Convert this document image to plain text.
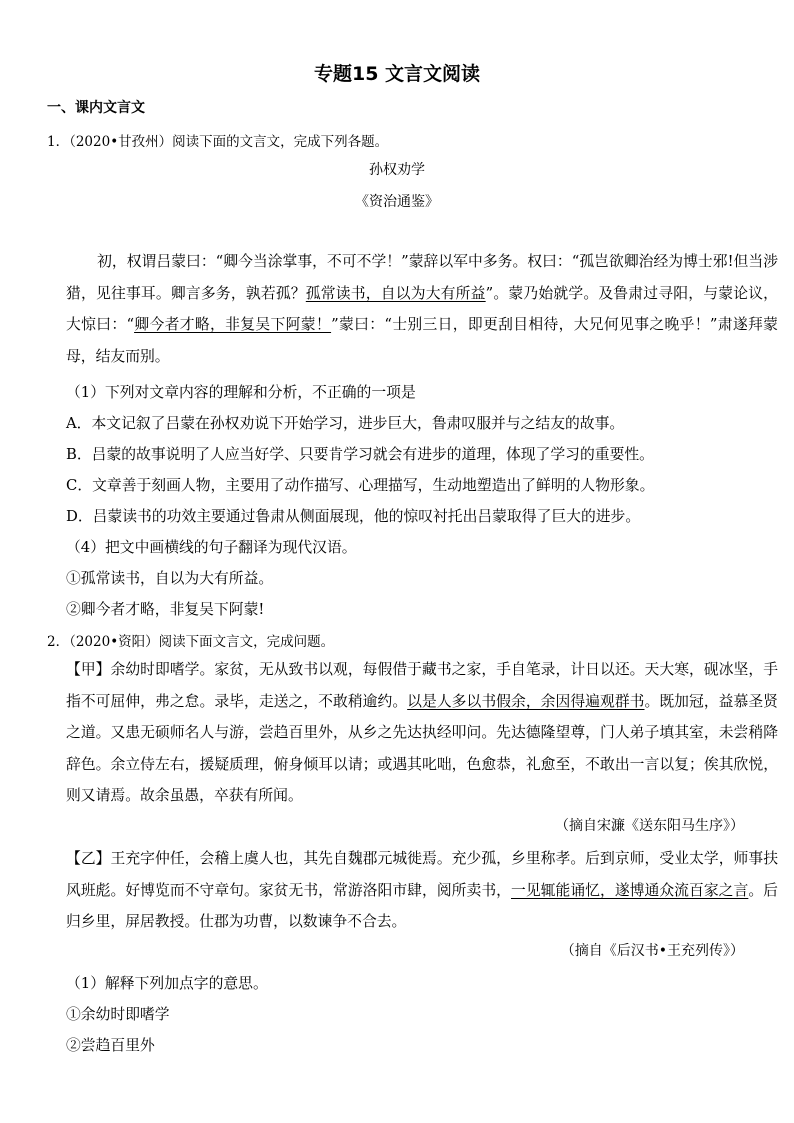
专题15 文言文阅读
一、课内文言文
1．（2020•甘孜州）阅读下面的文言文，完成下列各题。
孙权劝学
《资治通鉴》
初，权谓吕蒙曰：“卿今当涂掌事，不可不学！”蒙辞以军中多务。权曰：“孤岂欲卿治经为博士邪!但当涉猎，见往事耳。卿言多务，孰若孤？孤常读书，自以为大有所益”。蒙乃始就学。及鲁肃过寻阳，与蒙论议，大惊曰：“卿今者才略，非复吴下阿蒙！”蒙曰：“士别三日，即更刮目相待，大兄何见事之晚乎！”肃遂拜蒙母，结友而别。
（1）下列对文章内容的理解和分析，不正确的一项是
A．本文记叙了吕蒙在孙权劝说下开始学习，进步巨大，鲁肃叹服并与之结友的故事。
B．吕蒙的故事说明了人应当好学、只要肯学习就会有进步的道理，体现了学习的重要性。
C．文章善于刻画人物，主要用了动作描写、心理描写，生动地塑造出了鲜明的人物形象。
D．吕蒙读书的功效主要通过鲁肃从侧面展现，他的惊叹衬托出吕蒙取得了巨大的进步。
（4）把文中画横线的句子翻译为现代汉语。
①孤常读书，自以为大有所益。
②卿今者才略，非复吴下阿蒙!
2．（2020•资阳）阅读下面文言文，完成问题。
【甲】余幼时即嗜学。家贫，无从致书以观，每假借于藏书之家，手自笔录，计日以还。天大寒，砚冰坚，手指不可屈伸，弗之怠。录毕，走送之，不敢稍逾约。以是人多以书假余，余因得遍观群书。既加冠，益慕圣贤之道。又患无硕师名人与游，尝趋百里外，从乡之先达执经叩问。先达德隆望尊，门人弟子填其室，未尝稍降辞色。余立侍左右，援疑质理，俯身倾耳以请；或遇其叱咄，色愈恭，礼愈至，不敢出一言以复；俟其欣悦，则又请焉。故余虽愚，卒获有所闻。
（摘自宋濂《送东阳马生序》）
【乙】王充字仲任，会稽上虞人也，其先自魏郡元城徙焉。充少孤，乡里称孝。后到京师，受业太学，师事扶风班彪。好博览而不守章句。家贫无书，常游洛阳市肆，阅所卖书，一见辄能诵忆，遂博通众流百家之言。后归乡里，屏居教授。仕郡为功曹，以数谏争不合去。
（摘自《后汉书•王充列传》）
（1）解释下列加点字的意思。
①余幼时即嗜学
②尝趋百里外
